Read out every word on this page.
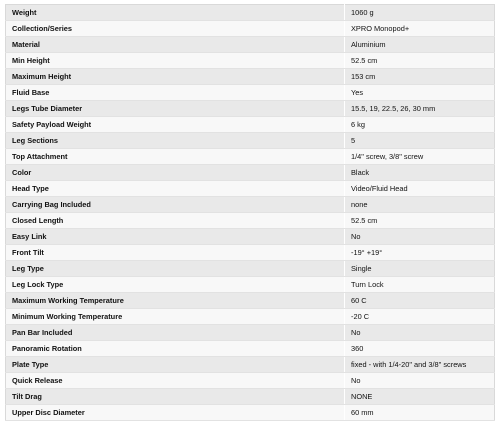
Weight	1060 g
Collection/Series	XPRO Monopod+
Material	Aluminium
Min Height	52.5 cm
Maximum Height	153 cm
Fluid Base	Yes
Legs Tube Diameter	15.5, 19, 22.5, 26, 30 mm
Safety Payload Weight	6 kg
Leg Sections	5
Top Attachment	1/4" screw, 3/8" screw
Color	Black
Head Type	Video/Fluid Head
Carrying Bag Included	none
Closed Length	52.5 cm
Easy Link	No
Front Tilt	-19° +19°
Leg Type	Single
Leg Lock Type	Turn Lock
Maximum Working Temperature	60 C
Minimum Working Temperature	-20 C
Pan Bar Included	No
Panoramic Rotation	360
Plate Type	fixed - with 1/4-20" and 3/8" screws
Quick Release	No
Tilt Drag	NONE
Upper Disc Diameter	60 mm
